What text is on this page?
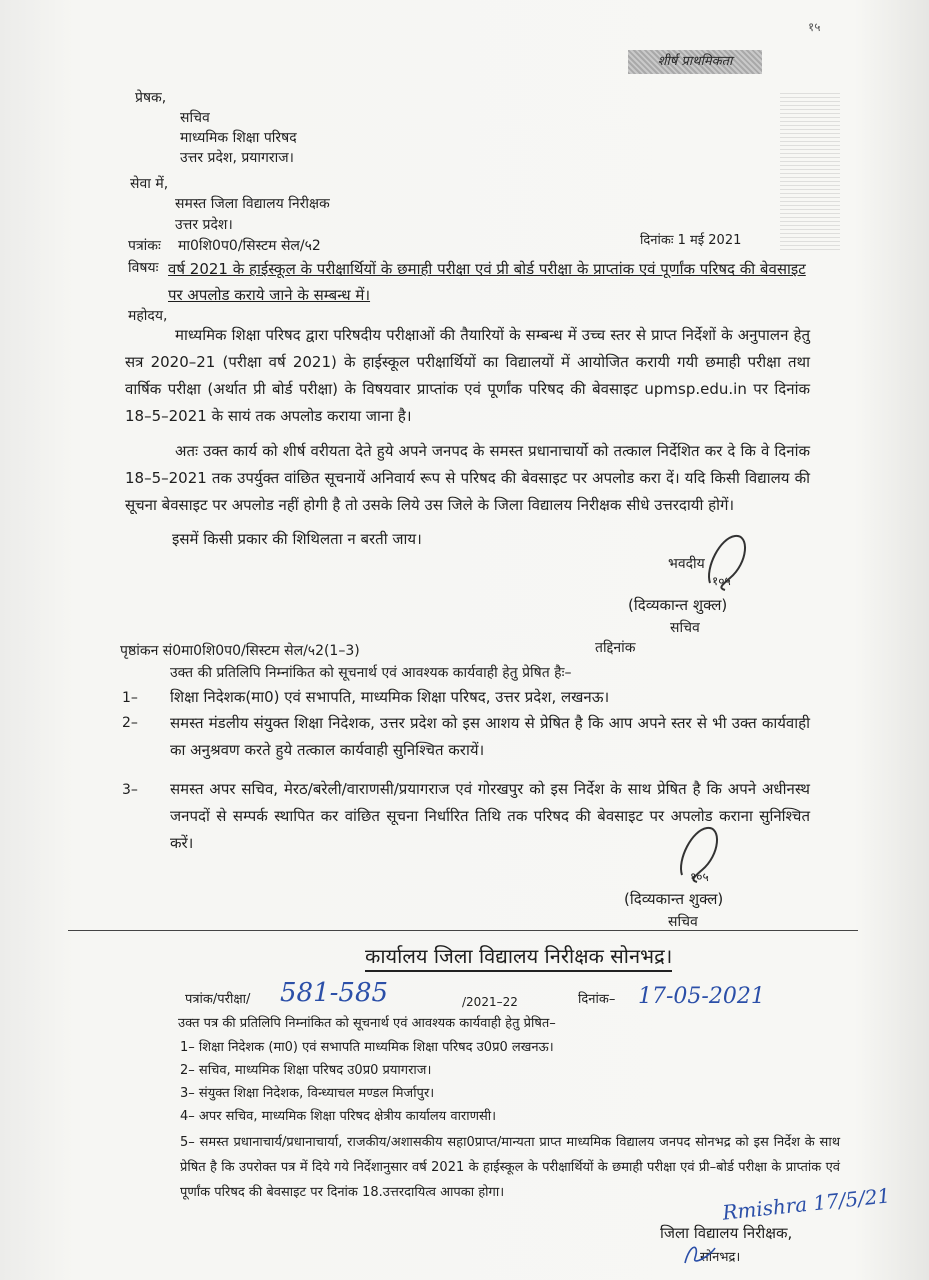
१५
शीर्ष प्राथमिकता
प्रेषक,
सचिव
माध्यमिक शिक्षा परिषद
उत्तर प्रदेश, प्रयागराज।
सेवा में,
समस्त जिला विद्यालय निरीक्षक
उत्तर प्रदेश।
पत्रांकः मा0शि0प0/सिस्टम सेल/५2	दिनांकः 1 मई 2021
विषयः वर्ष 2021 के हाईस्कूल के परीक्षार्थियों के छमाही परीक्षा एवं प्री बोर्ड परीक्षा के प्राप्तांक एवं पूर्णांक परिषद की बेवसाइट पर अपलोड कराये जाने के सम्बन्ध में।
महोदय,
माध्यमिक शिक्षा परिषद द्वारा परिषदीय परीक्षाओं की तैयारियों के सम्बन्ध में उच्च स्तर से प्राप्त निर्देशों के अनुपालन हेतु सत्र 2020–21 (परीक्षा वर्ष 2021) के हाईस्कूल परीक्षार्थियों का विद्यालयों में आयोजित करायी गयी छमाही परीक्षा तथा वार्षिक परीक्षा (अर्थात प्री बोर्ड परीक्षा) के विषयवार प्राप्तांक एवं पूर्णांक परिषद की बेवसाइट upmsp.edu.in पर दिनांक 18–5–2021 के सायं तक अपलोड कराया जाना है।
अतः उक्त कार्य को शीर्ष वरीयता देते हुये अपने जनपद के समस्त प्रधानाचार्यो को तत्काल निर्देशित कर दे कि वे दिनांक 18–5–2021 तक उपर्युक्त वांछित सूचनायें अनिवार्य रूप से परिषद की बेवसाइट पर अपलोड करा दें। यदि किसी विद्यालय की सूचना बेवसाइट पर अपलोड नहीं होगी है तो उसके लिये उस जिले के जिला विद्यालय निरीक्षक सीधे उत्तरदायी होगें।
इसमें किसी प्रकार की शिथिलता न बरती जाय।
भवदीय
१०५
(दिव्यकान्त शुक्ल)
सचिव
पृष्ठांकन सं0मा0शि0प0/सिस्टम सेल/५2(1–3)	तद्दिनांक
उक्त की प्रतिलिपि निम्नांकित को सूचनार्थ एवं आवश्यक कार्यवाही हेतु प्रेषित हैः–
1– शिक्षा निदेशक(मा0) एवं सभापति, माध्यमिक शिक्षा परिषद, उत्तर प्रदेश, लखनऊ।
2– समस्त मंडलीय संयुक्त शिक्षा निदेशक, उत्तर प्रदेश को इस आशय से प्रेषित है कि आप अपने स्तर से भी उक्त कार्यवाही का अनुश्रवण करते हुये तत्काल कार्यवाही सुनिश्चित करायें।
3– समस्त अपर सचिव, मेरठ/बरेली/वाराणसी/प्रयागराज एवं गोरखपुर को इस निर्देश के साथ प्रेषित है कि अपने अधीनस्थ जनपदों से सम्पर्क स्थापित कर वांछित सूचना निर्धारित तिथि तक परिषद की बेवसाइट पर अपलोड कराना सुनिश्चित करें।
१०५
(दिव्यकान्त शुक्ल)
सचिव
कार्यालय जिला विद्यालय निरीक्षक सोनभद्र।
पत्रांक/परीक्षा/ 581-585	/2021–22	दिनांक– 17-05-2021
उक्त पत्र की प्रतिलिपि निम्नांकित को सूचनार्थ एवं आवश्यक कार्यवाही हेतु प्रेषित–
1– शिक्षा निदेशक (मा0) एवं सभापति माध्यमिक शिक्षा परिषद उ0प्र0 लखनऊ।
2– सचिव, माध्यमिक शिक्षा परिषद उ0प्र0 प्रयागराज।
3– संयुक्त शिक्षा निदेशक, विन्ध्याचल मण्डल मिर्जापुर।
4– अपर सचिव, माध्यमिक शिक्षा परिषद क्षेत्रीय कार्यालय वाराणसी।
5– समस्त प्रधानाचार्य/प्रधानाचार्या, राजकीय/अशासकीय सहा0प्राप्त/मान्यता प्राप्त माध्यमिक विद्यालय जनपद सोनभद्र को इस निर्देश के साथ प्रेषित है कि उपरोक्त पत्र में दिये गये निर्देशानुसार वर्ष 2021 के हाईस्कूल के परीक्षार्थियों के छमाही परीक्षा एवं प्री–बोर्ड परीक्षा के प्राप्तांक एवं पूर्णांक परिषद की बेवसाइट पर दिनांक 18.उत्तरदायित्व आपका होगा।	Rmishra 17/5/21
जिला विद्यालय निरीक्षक,
सोनभद्र।
